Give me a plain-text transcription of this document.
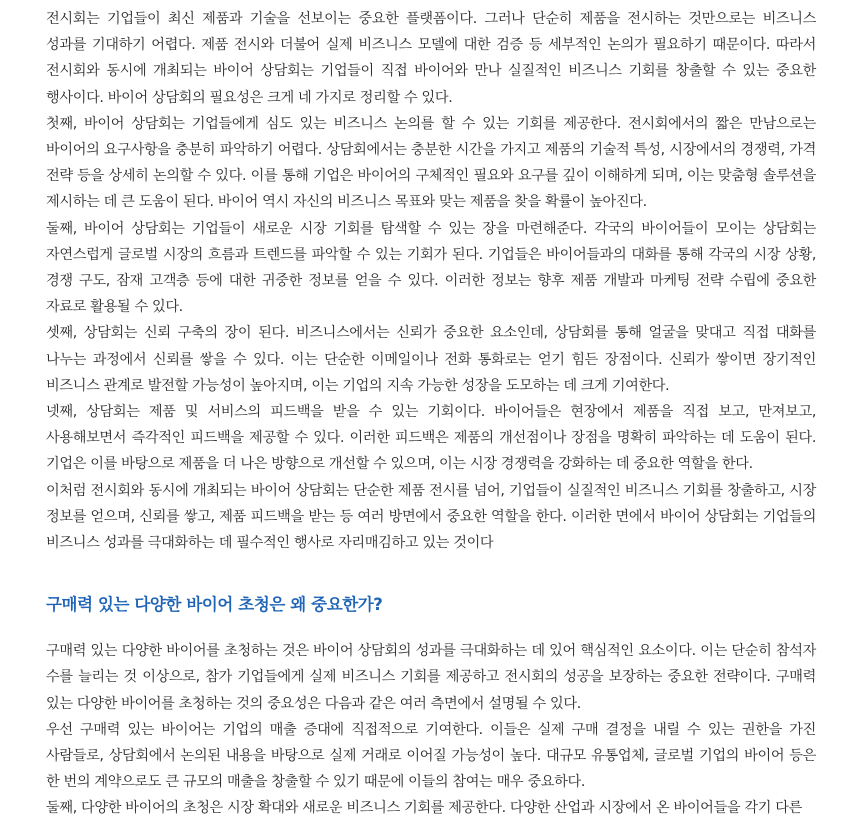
전시회는 기업들이 최신 제품과 기술을 선보이는 중요한 플랫폼이다. 그러나 단순히 제품을 전시하는 것만으로는 비즈니스 성과를 기대하기 어렵다. 제품 전시와 더불어 실제 비즈니스 모델에 대한 검증 등 세부적인 논의가 필요하기 때문이다. 따라서 전시회와 동시에 개최되는 바이어 상담회는 기업들이 직접 바이어와 만나 실질적인 비즈니스 기회를 창출할 수 있는 중요한 행사이다. 바이어 상담회의 필요성은 크게 네 가지로 정리할 수 있다.

첫째, 바이어 상담회는 기업들에게 심도 있는 비즈니스 논의를 할 수 있는 기회를 제공한다. 전시회에서의 짧은 만남으로는 바이어의 요구사항을 충분히 파악하기 어렵다. 상담회에서는 충분한 시간을 가지고 제품의 기술적 특성, 시장에서의 경쟁력, 가격 전략 등을 상세히 논의할 수 있다. 이를 통해 기업은 바이어의 구체적인 필요와 요구를 깊이 이해하게 되며, 이는 맞춤형 솔루션을 제시하는 데 큰 도움이 된다. 바이어 역시 자신의 비즈니스 목표와 맞는 제품을 찾을 확률이 높아진다.

둘째, 바이어 상담회는 기업들이 새로운 시장 기회를 탐색할 수 있는 장을 마련해준다. 각국의 바이어들이 모이는 상담회는 자연스럽게 글로벌 시장의 흐름과 트렌드를 파악할 수 있는 기회가 된다. 기업들은 바이어들과의 대화를 통해 각국의 시장 상황, 경쟁 구도, 잠재 고객층 등에 대한 귀중한 정보를 얻을 수 있다. 이러한 정보는 향후 제품 개발과 마케팅 전략 수립에 중요한 자료로 활용될 수 있다.

셋째, 상담회는 신뢰 구축의 장이 된다. 비즈니스에서는 신뢰가 중요한 요소인데, 상담회를 통해 얼굴을 맞대고 직접 대화를 나누는 과정에서 신뢰를 쌓을 수 있다. 이는 단순한 이메일이나 전화 통화로는 얻기 힘든 장점이다. 신뢰가 쌓이면 장기적인 비즈니스 관계로 발전할 가능성이 높아지며, 이는 기업의 지속 가능한 성장을 도모하는 데 크게 기여한다.

넷째, 상담회는 제품 및 서비스의 피드백을 받을 수 있는 기회이다. 바이어들은 현장에서 제품을 직접 보고, 만져보고, 사용해보면서 즉각적인 피드백을 제공할 수 있다. 이러한 피드백은 제품의 개선점이나 장점을 명확히 파악하는 데 도움이 된다. 기업은 이를 바탕으로 제품을 더 나은 방향으로 개선할 수 있으며, 이는 시장 경쟁력을 강화하는 데 중요한 역할을 한다.

이처럼 전시회와 동시에 개최되는 바이어 상담회는 단순한 제품 전시를 넘어, 기업들이 실질적인 비즈니스 기회를 창출하고, 시장 정보를 얻으며, 신뢰를 쌓고, 제품 피드백을 받는 등 여러 방면에서 중요한 역할을 한다. 이러한 면에서 바이어 상담회는 기업들의 비즈니스 성과를 극대화하는 데 필수적인 행사로 자리매김하고 있는 것이다

구매력 있는 다양한 바이어 초청은 왜 중요한가?

구매력 있는 다양한 바이어를 초청하는 것은 바이어 상담회의 성과를 극대화하는 데 있어 핵심적인 요소이다. 이는 단순히 참석자 수를 늘리는 것 이상으로, 참가 기업들에게 실제 비즈니스 기회를 제공하고 전시회의 성공을 보장하는 중요한 전략이다. 구매력 있는 다양한 바이어를 초청하는 것의 중요성은 다음과 같은 여러 측면에서 설명될 수 있다.

우선 구매력 있는 바이어는 기업의 매출 증대에 직접적으로 기여한다. 이들은 실제 구매 결정을 내릴 수 있는 권한을 가진 사람들로, 상담회에서 논의된 내용을 바탕으로 실제 거래로 이어질 가능성이 높다. 대규모 유통업체, 글로벌 기업의 바이어 등은 한 번의 계약으로도 큰 규모의 매출을 창출할 수 있기 때문에 이들의 참여는 매우 중요하다.

둘째, 다양한 바이어의 초청은 시장 확대와 새로운 비즈니스 기회를 제공한다. 다양한 산업과 시장에서 온 바이어들을 각기 다른
